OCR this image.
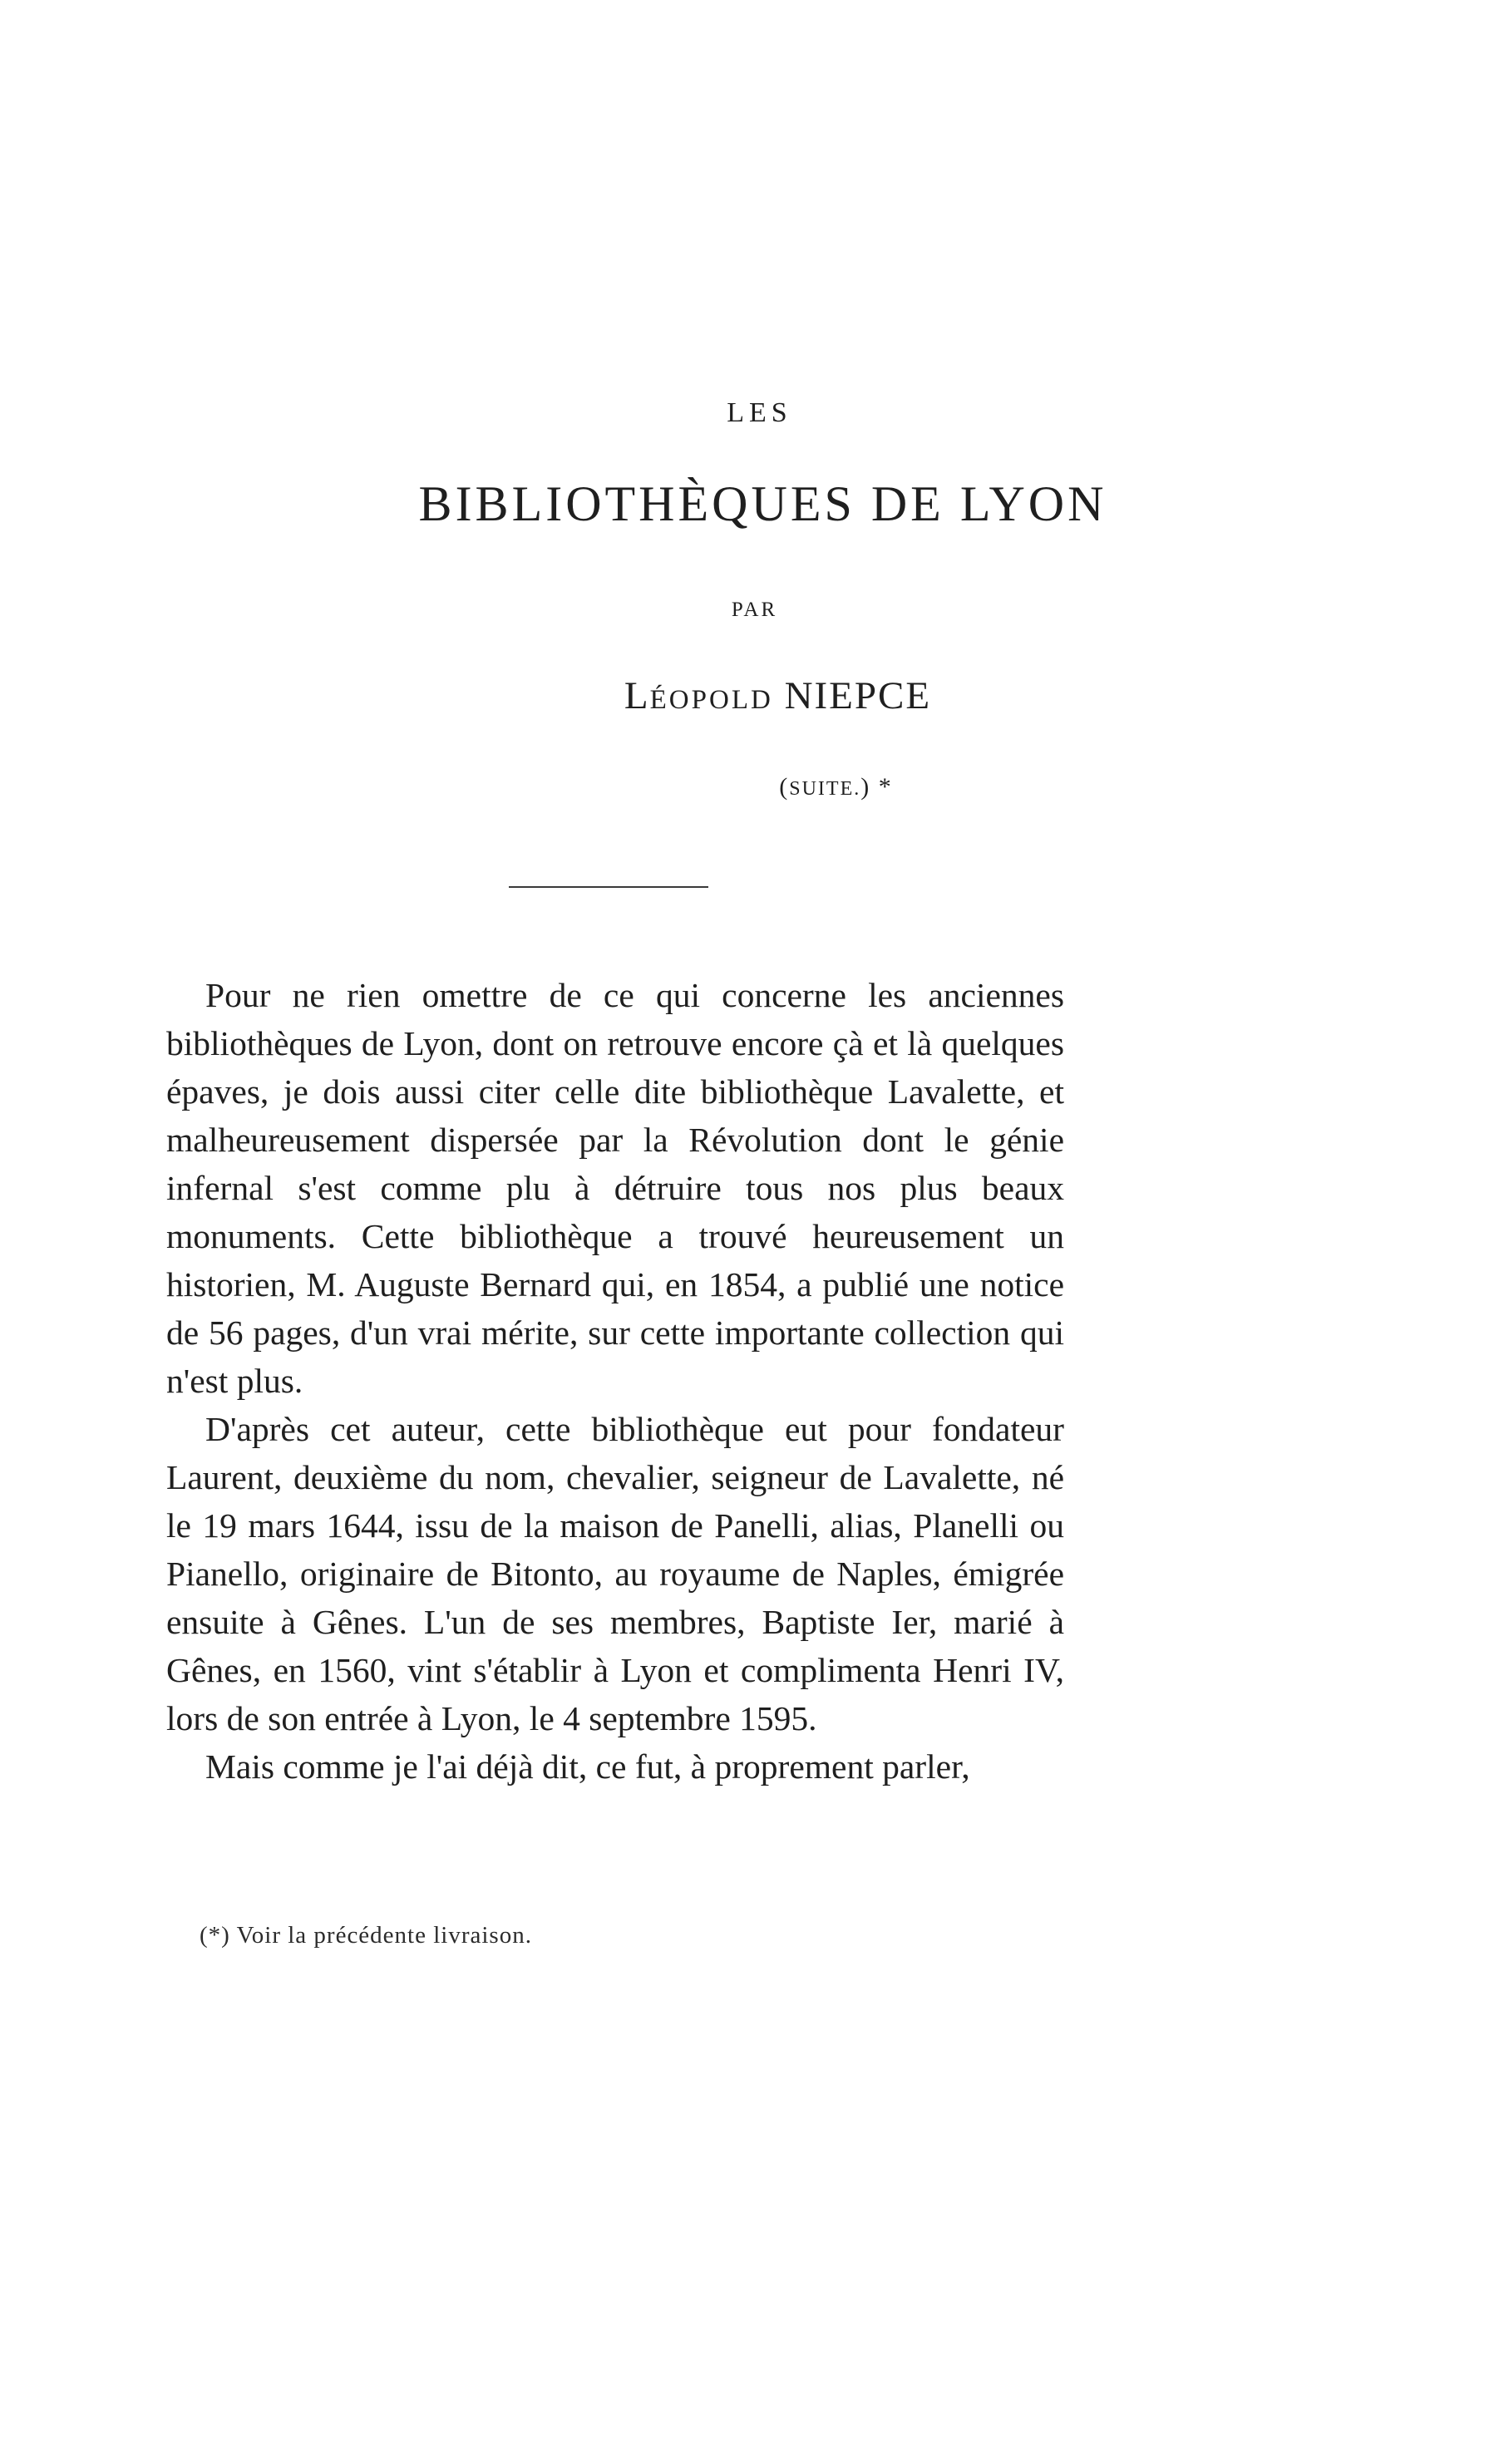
LES
BIBLIOTHÈQUES DE LYON
PAR
LÉOPOLD NIEPCE
(SUITE.) *

Pour ne rien omettre de ce qui concerne les anciennes bibliothèques de Lyon, dont on retrouve encore çà et là quelques épaves, je dois aussi citer celle dite bibliothèque Lavalette, et malheureusement dispersée par la Révolution dont le génie infernal s'est comme plu à détruire tous nos plus beaux monuments. Cette bibliothèque a trouvé heureusement un historien, M. Auguste Bernard qui, en 1854, a publié une notice de 56 pages, d'un vrai mérite, sur cette importante collection qui n'est plus.

D'après cet auteur, cette bibliothèque eut pour fondateur Laurent, deuxième du nom, chevalier, seigneur de Lavalette, né le 19 mars 1644, issu de la maison de Panelli, alias, Planelli ou Pianello, originaire de Bitonto, au royaume de Naples, émigrée ensuite à Gênes. L'un de ses membres, Baptiste Ier, marié à Gênes, en 1560, vint s'établir à Lyon et complimenta Henri IV, lors de son entrée à Lyon, le 4 septembre 1595.

Mais comme je l'ai déjà dit, ce fut, à proprement parler,

(*) Voir la précédente livraison.
